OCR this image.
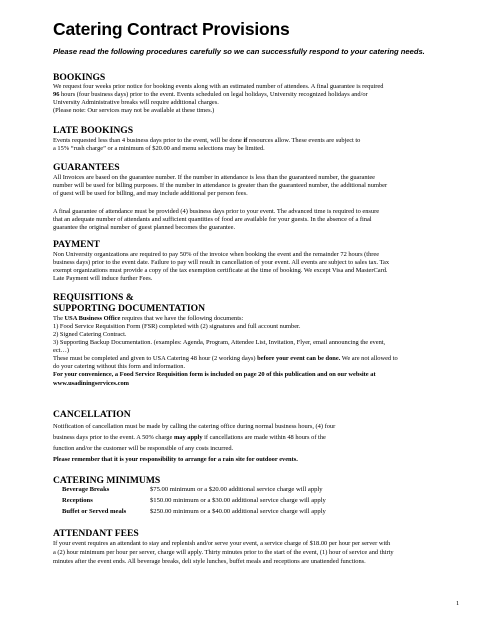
Catering Contract Provisions
Please read the following procedures carefully so we can successfully respond to your catering needs.
BOOKINGS
We request four weeks prior notice for booking events along with an estimated number of attendees. A final guarantee is required
96 hours (four business days) prior to the event. Events scheduled on legal holidays, University recognized holidays and/or
University Administrative breaks will require additional charges.
(Please note: Our services may not be available at these times.)
LATE BOOKINGS
Events requested less than 4 business days prior to the event, will be done if resources allow. These events are subject to
a 15% “rush charge” or a minimum of $20.00 and menu selections may be limited.
GUARANTEES
All Invoices are based on the guarantee number. If the number in attendance is less than the guaranteed number, the guarantee
number will be used for billing purposes. If the number in attendance is greater than the guaranteed number, the additional number
of guest will be used for billing, and may include additional per person fees.
A final guarantee of attendance must be provided (4) business days prior to your event. The advanced time is required to ensure
that an adequate number of attendants and sufficient quantities of food are available for your guests. In the absence of a final
guarantee the original number of guest planned becomes the guarantee.
PAYMENT
Non University organizations are required to pay 50% of the invoice when booking the event and the remainder 72 hours (three
business days) prior to the event date. Failure to pay will result in cancellation of your event. All events are subject to sales tax. Tax
exempt organizations must provide a copy of the tax exemption certificate at the time of booking. We except Visa and MasterCard.
Late Payment will induce further Fees.
REQUISITIONS &
SUPPORTING DOCUMENTATION
The USA Business Office requires that we have the following documents:
1) Food Service Requisition Form (FSR) completed with (2) signatures and full account number.
2) Signed Catering Contract.
3) Supporting Backup Documentation. (examples: Agenda, Program, Attendee List, Invitation, Flyer, email announcing the event,
ect…)
These must be completed and given to USA Catering 48 hour (2 working days) before your event can be done. We are not allowed to
do your catering without this form and information.
For your convenience, a Food Service Requisition form is included on page 20 of this publication and on our website at
www.usadiningservices.com
CANCELLATION
Notification of cancellation must be made by calling the catering office during normal business hours, (4) four
business days prior to the event. A 50% charge may apply if cancellations are made within 48 hours of the
function and/or the customer will be responsible of any costs incurred.
Please remember that it is your responsibility to arrange for a rain site for outdoor events.
CATERING MINIMUMS
Beverage Breaks	$75.00 minimum or a $20.00 additional service charge will apply
Receptions	$150.00 minimum or a $30.00 additional service charge will apply
Buffet or Served meals	$250.00 minimum or a $40.00 additional service charge will apply
ATTENDANT FEES
If your event requires an attendant to stay and replenish and/or serve your event, a service charge of $18.00 per hour per server with
a (2) hour minimum per hour per server, charge will apply. Thirty minutes prior to the start of the event, (1) hour of service and thirty
minutes after the event ends. All beverage breaks, deli style lunches, buffet meals and receptions are unattended functions.
1
